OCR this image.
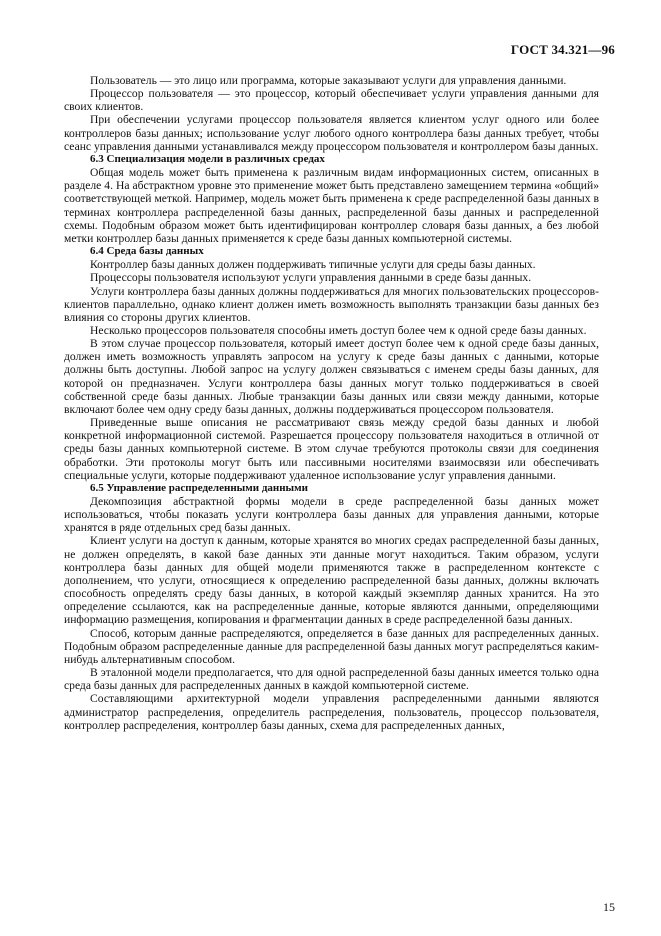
ГОСТ 34.321—96

Пользователь — это лицо или программа, которые заказывают услуги для управления данными.

Процессор пользователя — это процессор, который обеспечивает услуги управления данными для своих клиентов.

При обеспечении услугами процессор пользователя является клиентом услуг одного или более контроллеров базы данных; использование услуг любого одного контроллера базы данных требует, чтобы сеанс управления данными устанавливался между процессором пользователя и контроллером базы данных.

6.3 Специализация модели в различных средах

Общая модель может быть применена к различным видам информационных систем, описанных в разделе 4. На абстрактном уровне это применение может быть представлено замещением термина «общий» соответствующей меткой. Например, модель может быть применена к среде распределенной базы данных в терминах контроллера распределенной базы данных, распределенной базы данных и распределенной схемы. Подобным образом может быть идентифицирован контроллер словаря базы данных, а без любой метки контроллер базы данных применяется к среде базы данных компьютерной системы.

6.4 Среда базы данных

Контроллер базы данных должен поддерживать типичные услуги для среды базы данных.

Процессоры пользователя используют услуги управления данными в среде базы данных.

Услуги контроллера базы данных должны поддерживаться для многих пользовательских процессоров-клиентов параллельно, однако клиент должен иметь возможность выполнять транзакции базы данных без влияния со стороны других клиентов.

Несколько процессоров пользователя способны иметь доступ более чем к одной среде базы данных.

В этом случае процессор пользователя, который имеет доступ более чем к одной среде базы данных, должен иметь возможность управлять запросом на услугу к среде базы данных с данными, которые должны быть доступны. Любой запрос на услугу должен связываться с именем среды базы данных, для которой он предназначен. Услуги контроллера базы данных могут только поддерживаться в своей собственной среде базы данных. Любые транзакции базы данных или связи между данными, которые включают более чем одну среду базы данных, должны поддерживаться процессором пользователя.

Приведенные выше описания не рассматривают связь между средой базы данных и любой конкретной информационной системой. Разрешается процессору пользователя находиться в отличной от среды базы данных компьютерной системе. В этом случае требуются протоколы связи для соединения обработки. Эти протоколы могут быть или пассивными носителями взаимосвязи или обеспечивать специальные услуги, которые поддерживают удаленное использование услуг управления данными.

6.5 Управление распределенными данными

Декомпозиция абстрактной формы модели в среде распределенной базы данных может использоваться, чтобы показать услуги контроллера базы данных для управления данными, которые хранятся в ряде отдельных сред базы данных.

Клиент услуги на доступ к данным, которые хранятся во многих средах распределенной базы данных, не должен определять, в какой базе данных эти данные могут находиться. Таким образом, услуги контроллера базы данных для общей модели применяются также в распределенном контексте с дополнением, что услуги, относящиеся к определению распределенной базы данных, должны включать способность определять среду базы данных, в которой каждый экземпляр данных хранится. На это определение ссылаются, как на распределенные данные, которые являются данными, определяющими информацию размещения, копирования и фрагментации данных в среде распределенной базы данных.

Способ, которым данные распределяются, определяется в базе данных для распределенных данных. Подобным образом распределенные данные для распределенной базы данных могут распределяться каким-нибудь альтернативным способом.

В эталонной модели предполагается, что для одной распределенной базы данных имеется только одна среда базы данных для распределенных данных в каждой компьютерной системе.

Составляющими архитектурной модели управления распределенными данными являются администратор распределения, определитель распределения, пользователь, процессор пользователя, контроллер распределения, контроллер базы данных, схема для распределенных данных,

15
